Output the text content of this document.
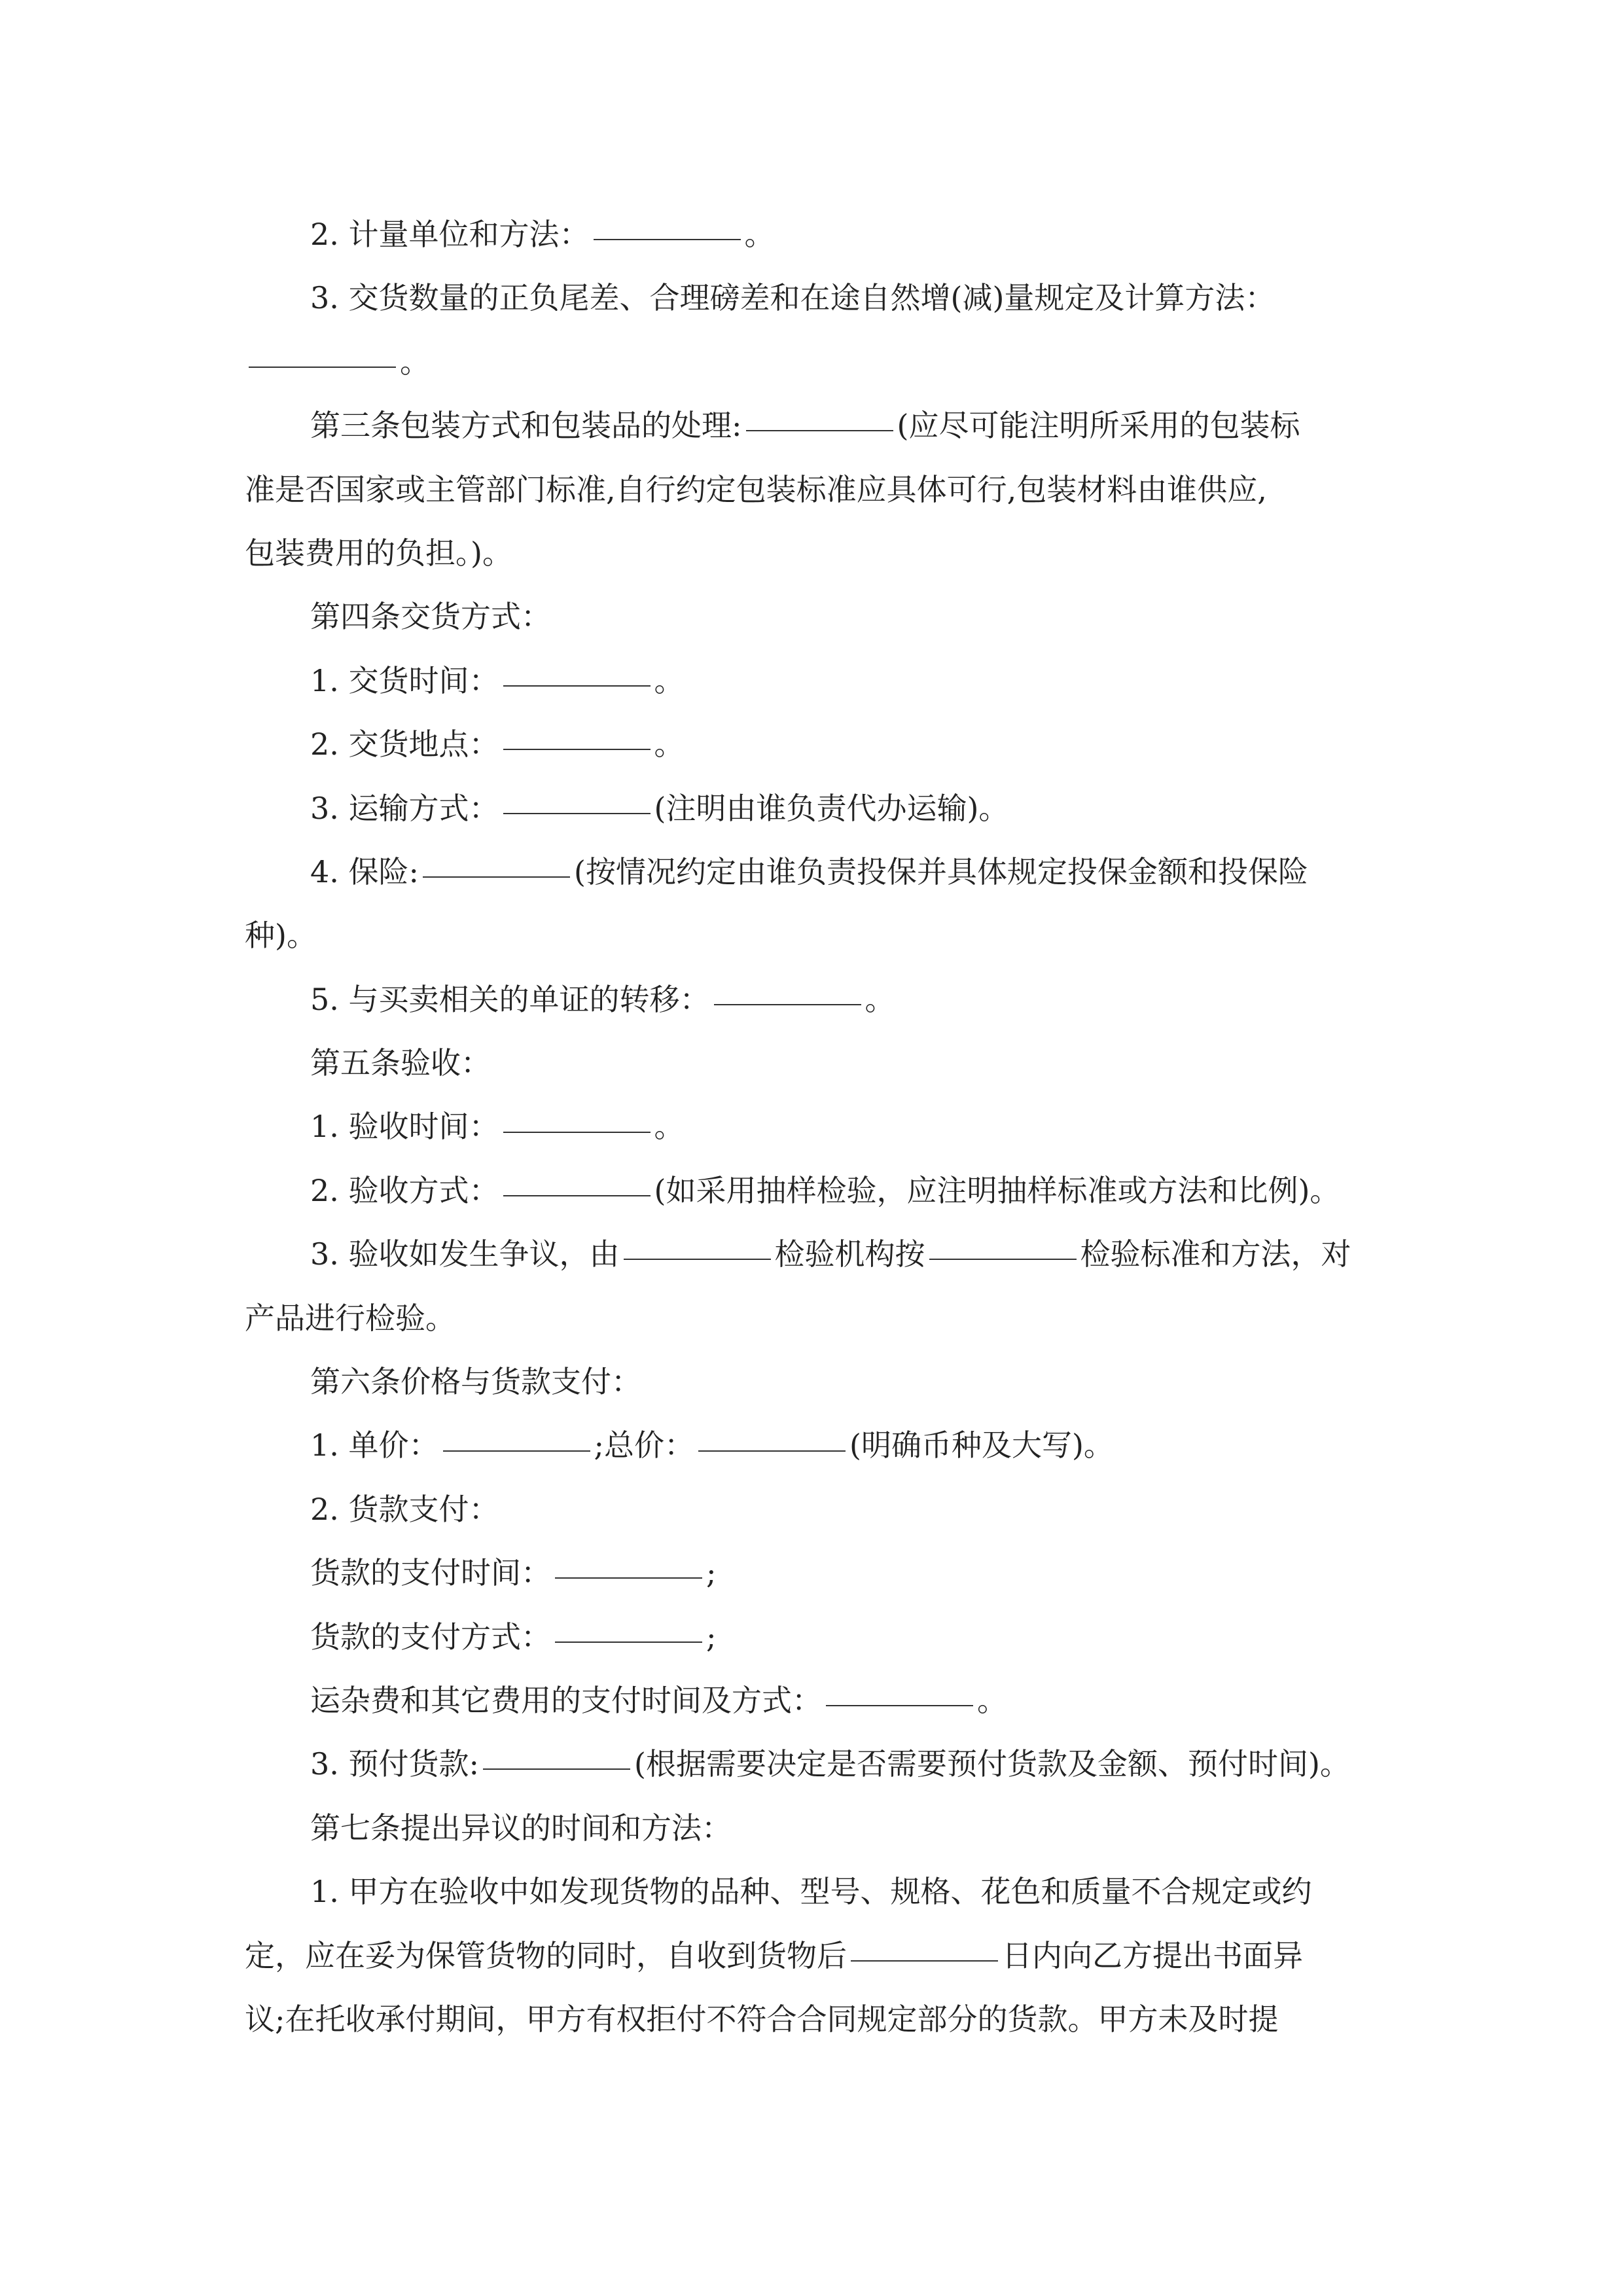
2. 计量单位和方法：	。
3. 交货数量的正负尾差、合理磅差和在途自然增(减)量规定及计算方法：
。
第三条包装方式和包装品的处理:	(应尽可能注明所采用的包装标
准是否国家或主管部门标准,自行约定包装标准应具体可行,包装材料由谁供应,
包装费用的负担。)。
第四条交货方式：
1. 交货时间：	。
2. 交货地点：	。
3. 运输方式：	(注明由谁负责代办运输)。
4. 保险:	(按情况约定由谁负责投保并具体规定投保金额和投保险
种)。
5. 与买卖相关的单证的转移：	。
第五条验收：
1. 验收时间：	。
2. 验收方式：	(如采用抽样检验，应注明抽样标准或方法和比例)。
3. 验收如发生争议，由	检验机构按	检验标准和方法，对
产品进行检验。
第六条价格与货款支付：
1. 单价：	;总价：	(明确币种及大写)。
2. 货款支付：
货款的支付时间：	;
货款的支付方式：	;
运杂费和其它费用的支付时间及方式：	。
3. 预付货款:	(根据需要决定是否需要预付货款及金额、预付时间)。
第七条提出异议的时间和方法：
1. 甲方在验收中如发现货物的品种、型号、规格、花色和质量不合规定或约
定，应在妥为保管货物的同时，自收到货物后	日内向乙方提出书面异
议;在托收承付期间，甲方有权拒付不符合合同规定部分的货款。甲方未及时提
